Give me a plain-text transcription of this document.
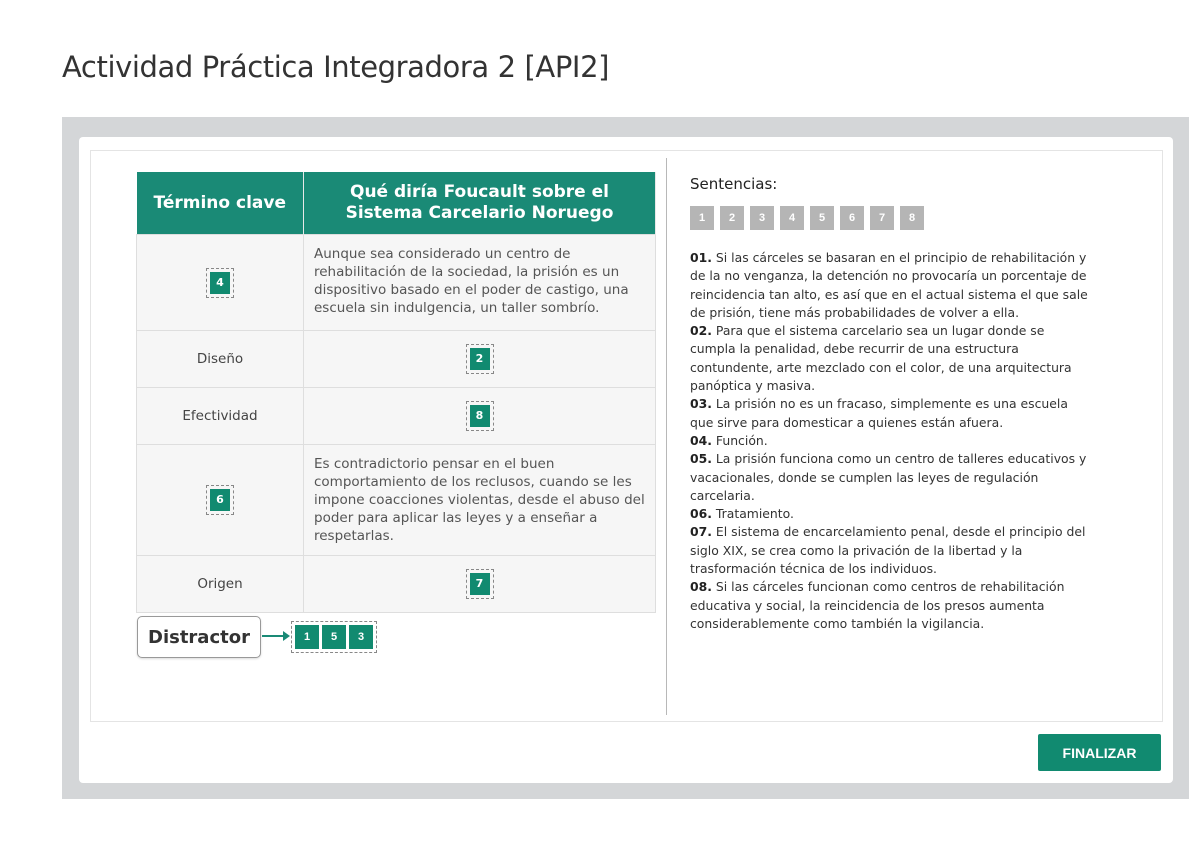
Actividad Práctica Integradora 2 [API2]
Término clave	Qué diría Foucault sobre el Sistema Carcelario Noruego
4	Aunque sea considerado un centro de rehabilitación de la sociedad, la prisión es un dispositivo basado en el poder de castigo, una escuela sin indulgencia, un taller sombrío.
Diseño	2
Efectividad	8
6	Es contradictorio pensar en el buen comportamiento de los reclusos, cuando se les impone coacciones violentas, desde el abuso del poder para aplicar las leyes y a enseñar a respetarlas.
Origen	7
Distractor	1	5	3
Sentencias:
1	2	3	4	5	6	7	8

01. Si las cárceles se basaran en el principio de rehabilitación y de la no venganza, la detención no provocaría un porcentaje de reincidencia tan alto, es así que en el actual sistema el que sale de prisión, tiene más probabilidades de volver a ella.

02. Para que el sistema carcelario sea un lugar donde se cumpla la penalidad, debe recurrir de una estructura contundente, arte mezclado con el color, de una arquitectura panóptica y masiva.

03. La prisión no es un fracaso, simplemente es una escuela que sirve para domesticar a quienes están afuera.

04. Función.

05. La prisión funciona como un centro de talleres educativos y vacacionales, donde se cumplen las leyes de regulación carcelaria.

06. Tratamiento.

07. El sistema de encarcelamiento penal, desde el principio del siglo XIX, se crea como la privación de la libertad y la trasformación técnica de los individuos.

08. Si las cárceles funcionan como centros de rehabilitación educativa y social, la reincidencia de los presos aumenta considerablemente como también la vigilancia.

FINALIZAR
